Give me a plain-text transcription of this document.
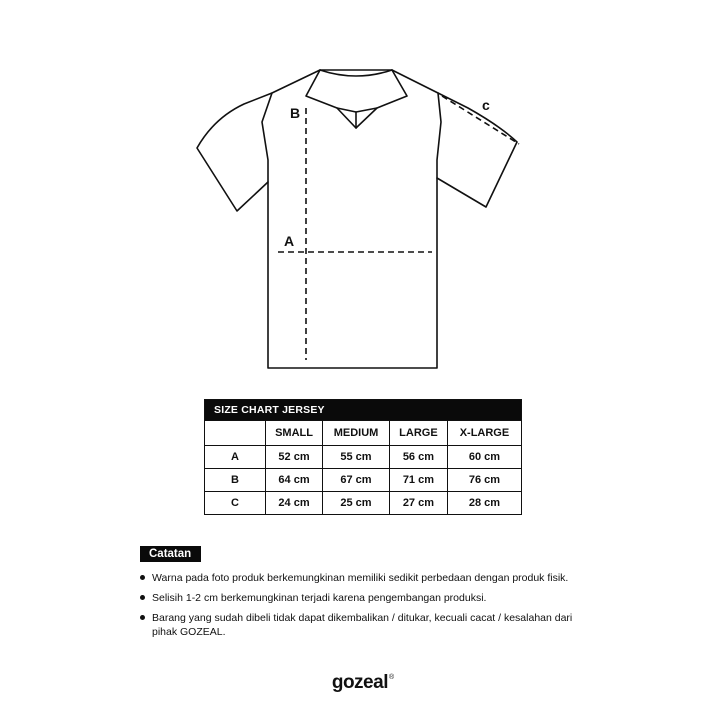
B
A
c
SIZE CHART JERSEY				
	SMALL	MEDIUM	LARGE	X-LARGE
A	52 cm	55 cm	56 cm	60 cm
B	64 cm	67 cm	71 cm	76 cm
C	24 cm	25 cm	27 cm	28 cm
Catatan
Warna pada foto produk berkemungkinan memiliki sedikit perbedaan dengan produk fisik.
Selisih 1-2 cm berkemungkinan terjadi karena pengembangan produksi.
Barang yang sudah dibeli tidak dapat dikembalikan / ditukar, kecuali cacat / kesalahan dari pihak GOZEAL.
gozeal®
